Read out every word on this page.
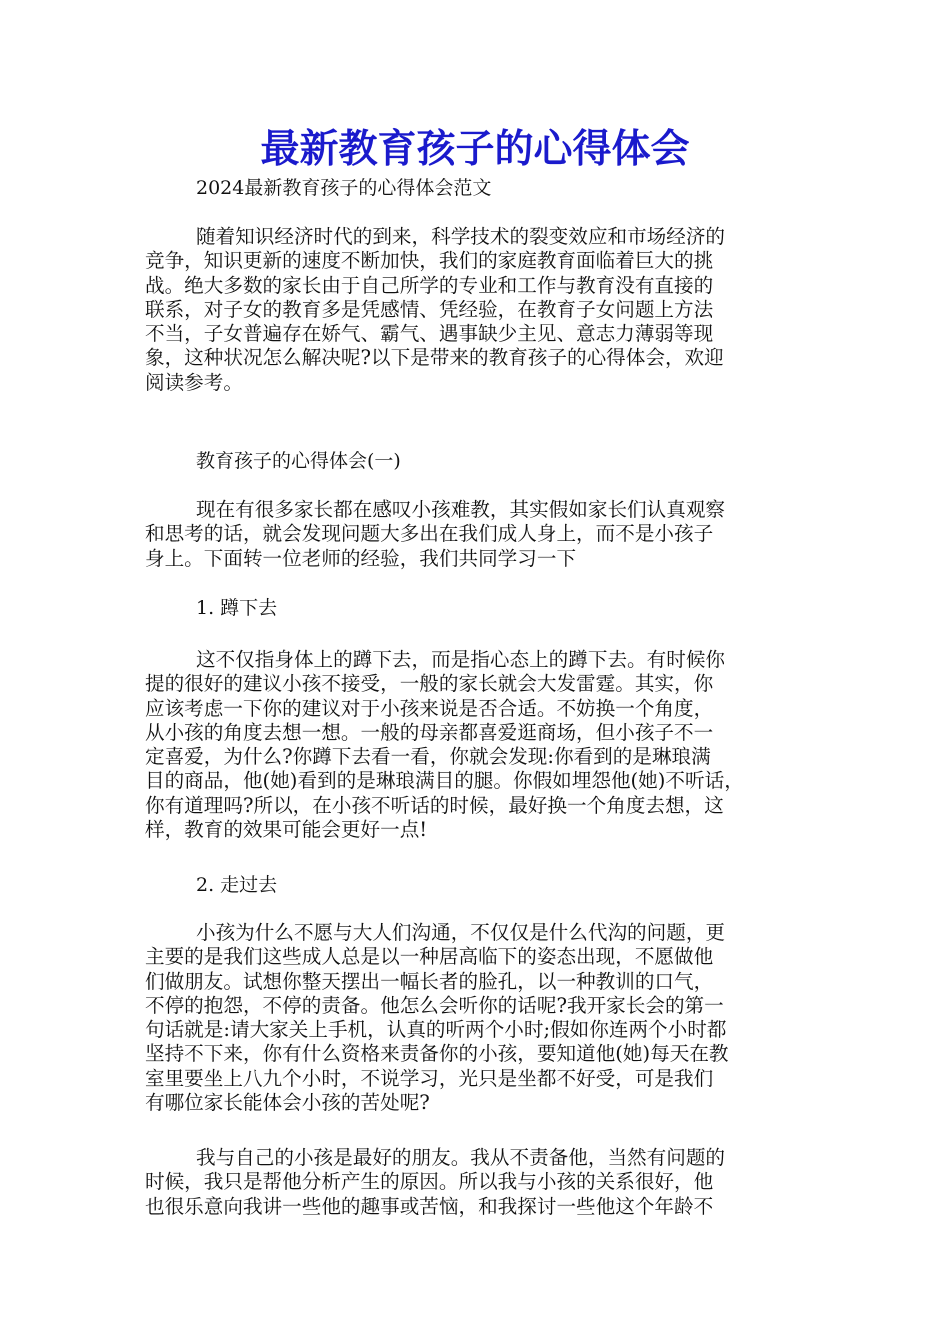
最新教育孩子的心得体会
2024最新教育孩子的心得体会范文
随着知识经济时代的到来，科学技术的裂变效应和市场经济的
竞争，知识更新的速度不断加快，我们的家庭教育面临着巨大的挑
战。绝大多数的家长由于自己所学的专业和工作与教育没有直接的
联系，对子女的教育多是凭感情、凭经验，在教育子女问题上方法
不当，子女普遍存在娇气、霸气、遇事缺少主见、意志力薄弱等现
象，这种状况怎么解决呢?以下是带来的教育孩子的心得体会，欢迎
阅读参考。
教育孩子的心得体会(一)
现在有很多家长都在感叹小孩难教，其实假如家长们认真观察
和思考的话，就会发现问题大多出在我们成人身上，而不是小孩子
身上。下面转一位老师的经验，我们共同学习一下
1. 蹲下去
这不仅指身体上的蹲下去，而是指心态上的蹲下去。有时候你
提的很好的建议小孩不接受，一般的家长就会大发雷霆。其实，你
应该考虑一下你的建议对于小孩来说是否合适。不妨换一个角度，
从小孩的角度去想一想。一般的母亲都喜爱逛商场，但小孩子不一
定喜爱，为什么?你蹲下去看一看，你就会发现:你看到的是琳琅满
目的商品，他(她)看到的是琳琅满目的腿。你假如埋怨他(她)不听话，
你有道理吗?所以，在小孩不听话的时候，最好换一个角度去想，这
样，教育的效果可能会更好一点!
2. 走过去
小孩为什么不愿与大人们沟通，不仅仅是什么代沟的问题，更
主要的是我们这些成人总是以一种居高临下的姿态出现，不愿做他
们做朋友。试想你整天摆出一幅长者的脸孔，以一种教训的口气，
不停的抱怨，不停的责备。他怎么会听你的话呢?我开家长会的第一
句话就是:请大家关上手机，认真的听两个小时;假如你连两个小时都
坚持不下来，你有什么资格来责备你的小孩，要知道他(她)每天在教
室里要坐上八九个小时，不说学习，光只是坐都不好受，可是我们
有哪位家长能体会小孩的苦处呢?
我与自己的小孩是最好的朋友。我从不责备他，当然有问题的
时候，我只是帮他分析产生的原因。所以我与小孩的关系很好，他
也很乐意向我讲一些他的趣事或苦恼，和我探讨一些他这个年龄不
